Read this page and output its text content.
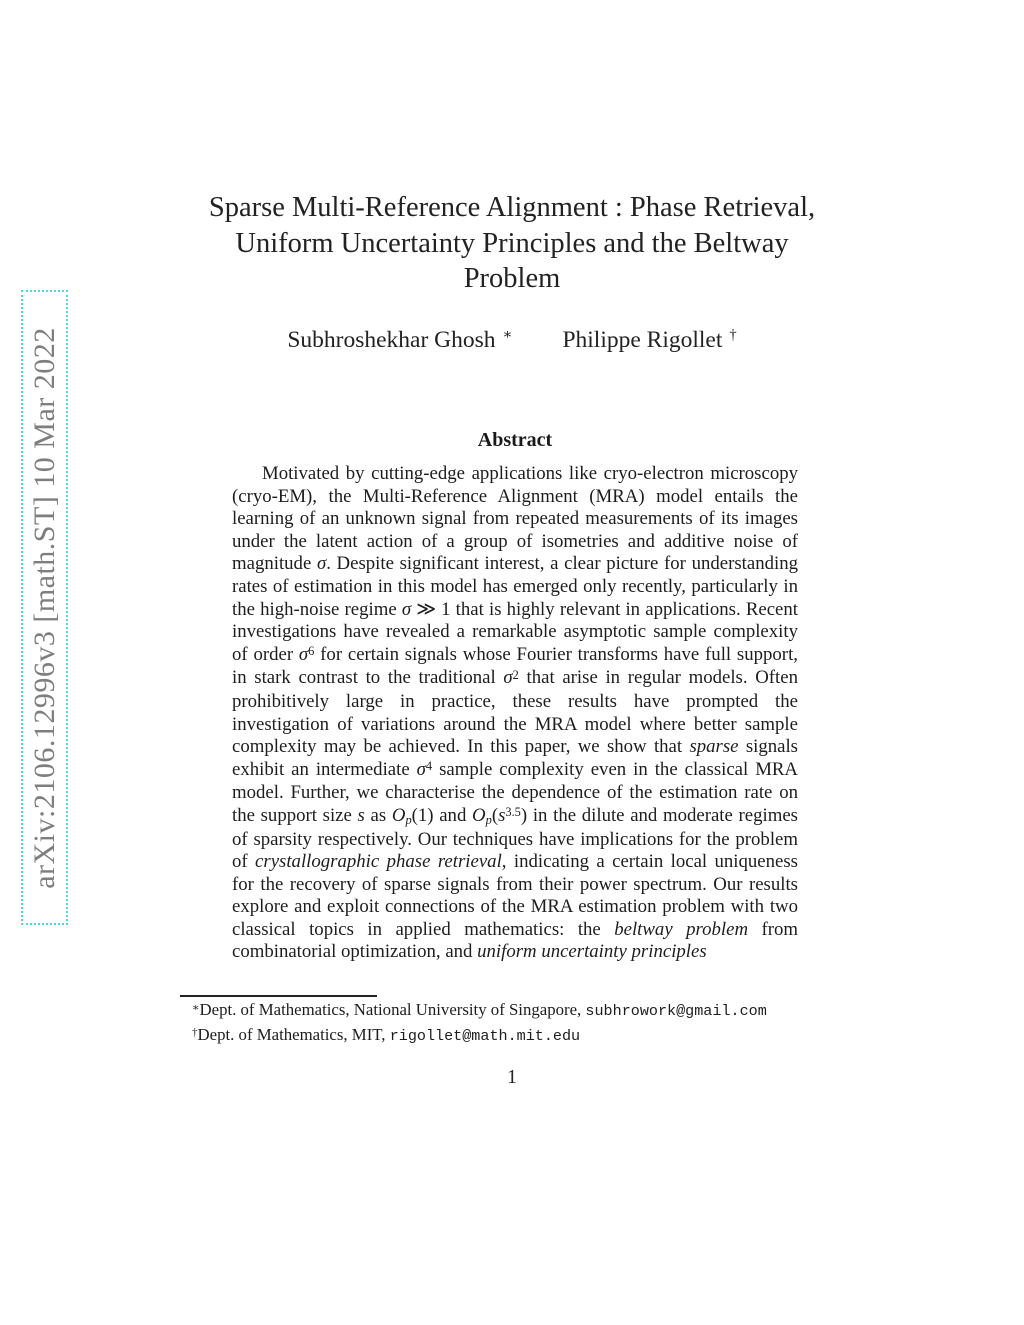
arXiv:2106.12996v3 [math.ST] 10 Mar 2022
Sparse Multi-Reference Alignment : Phase Retrieval,
Uniform Uncertainty Principles and the Beltway
Problem
Subhroshekhar Ghosh ∗ Philippe Rigollet †
Abstract
Motivated by cutting-edge applications like cryo-electron microscopy (cryo-EM), the Multi-Reference Alignment (MRA) model entails the learning of an unknown signal from repeated measurements of its images under the latent action of a group of isometries and additive noise of magnitude σ. Despite significant interest, a clear picture for understanding rates of estimation in this model has emerged only recently, particularly in the high-noise regime σ ≫ 1 that is highly relevant in applications. Recent investigations have revealed a remarkable asymptotic sample complexity of order $\sigma^6$ for certain signals whose Fourier transforms have full support, in stark contrast to the traditional $\sigma^2$ that arise in regular models. Often prohibitively large in practice, these results have prompted the investigation of variations around the MRA model where better sample complexity may be achieved. In this paper, we show that sparse signals exhibit an intermediate $\sigma^4$ sample complexity even in the classical MRA model. Further, we characterise the dependence of the estimation rate on the support size s as Op(1) and $Op(s^{3.5})$ in the dilute and moderate regimes of sparsity respectively. Our techniques have implications for the problem of crystallographic phase retrieval, indicating a certain local uniqueness for the recovery of sparse signals from their power spectrum. Our results explore and exploit connections of the MRA estimation problem with two classical topics in applied mathematics: the beltway problem from combinatorial optimization, and uniform uncertainty principles
∗Dept. of Mathematics, National University of Singapore, subhrowork@gmail.com
†Dept. of Mathematics, MIT, rigollet@math.mit.edu
1
